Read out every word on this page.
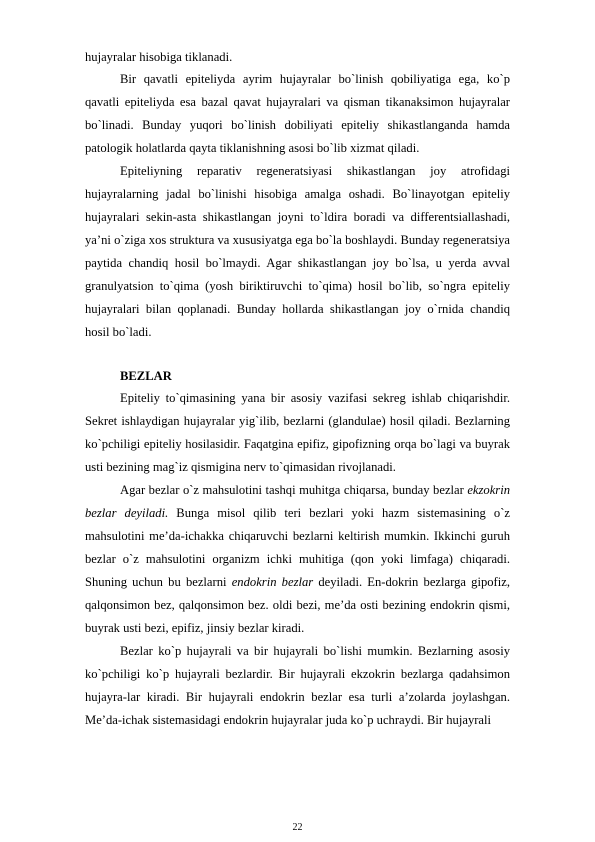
hujayralar hisobiga tiklanadi.

Bir qavatli epiteliyda ayrim hujayralar bo`linish qobiliyatiga ega, ko`p qavatli epiteliyda esa bazal qavat hujayralari va qisman tikanaksimon hujayralar bo`linadi. Bunday yuqori bo`linish dobiliyati epiteliy shikastlanganda hamda patologik holatlarda qayta tiklanishning asosi bo`lib xizmat qiladi.

Epiteliyning reparativ regeneratsiyasi shikastlangan joy atrofidagi hujayralarning jadal bo`linishi hisobiga amalga oshadi. Bo`linayotgan epiteliy hujayralari sekin-asta shikastlangan joyni to`ldira boradi va differentsiallashadi, ya’ni o`ziga xos struktura va xususiyatga ega bo`la boshlaydi. Bunday regeneratsiya paytida chandiq hosil bo`lmaydi. Agar shikastlangan joy bo`lsa, u yerda avval granulyatsion to`qima (yosh biriktiruvchi to`qima) hosil bo`lib, so`ngra epiteliy hujayralari bilan qoplanadi. Bunday hollarda shikastlangan joy o`rnida chandiq hosil bo`ladi.

BEZLAR

Epiteliy to`qimasining yana bir asosiy vazifasi sekreg ishlab chiqarishdir. Sekret ishlaydigan hujayralar yig`ilib, bezlarni (glandulae) hosil qiladi. Bezlarning ko`pchiligi epiteliy hosilasidir. Faqatgina epifiz, gipofizning orqa bo`lagi va buyrak usti bezining mag`iz qismigina nerv to`qimasidan rivojlanadi.

Agar bezlar o`z mahsulotini tashqi muhitga chiqarsa, bunday bezlar ekzokrin bezlar deyiladi. Bunga misol qilib teri bezlari yoki hazm sistemasining o`z mahsulotini me’da-ichakka chiqaruvchi bezlarni keltirish mumkin. Ikkinchi guruh bezlar o`z mahsulotini organizm ichki muhitiga (qon yoki limfaga) chiqaradi. Shuning uchun bu bezlarni endokrin bezlar deyiladi. En-dokrin bezlarga gipofiz, qalqonsimon bez, qalqonsimon bez. oldi bezi, me’da osti bezining endokrin qismi, buyrak usti bezi, epifiz, jinsiy bezlar kiradi.

Bezlar ko`p hujayrali va bir hujayrali bo`lishi mumkin. Bezlarning asosiy ko`pchiligi ko`p hujayrali bezlardir. Bir hujayrali ekzokrin bezlarga qadahsimon hujayra-lar kiradi. Bir hujayrali endokrin bezlar esa turli a’zolarda joylashgan. Me’da-ichak sistemasidagi endokrin hujayralar juda ko`p uchraydi. Bir hujayrali

22
